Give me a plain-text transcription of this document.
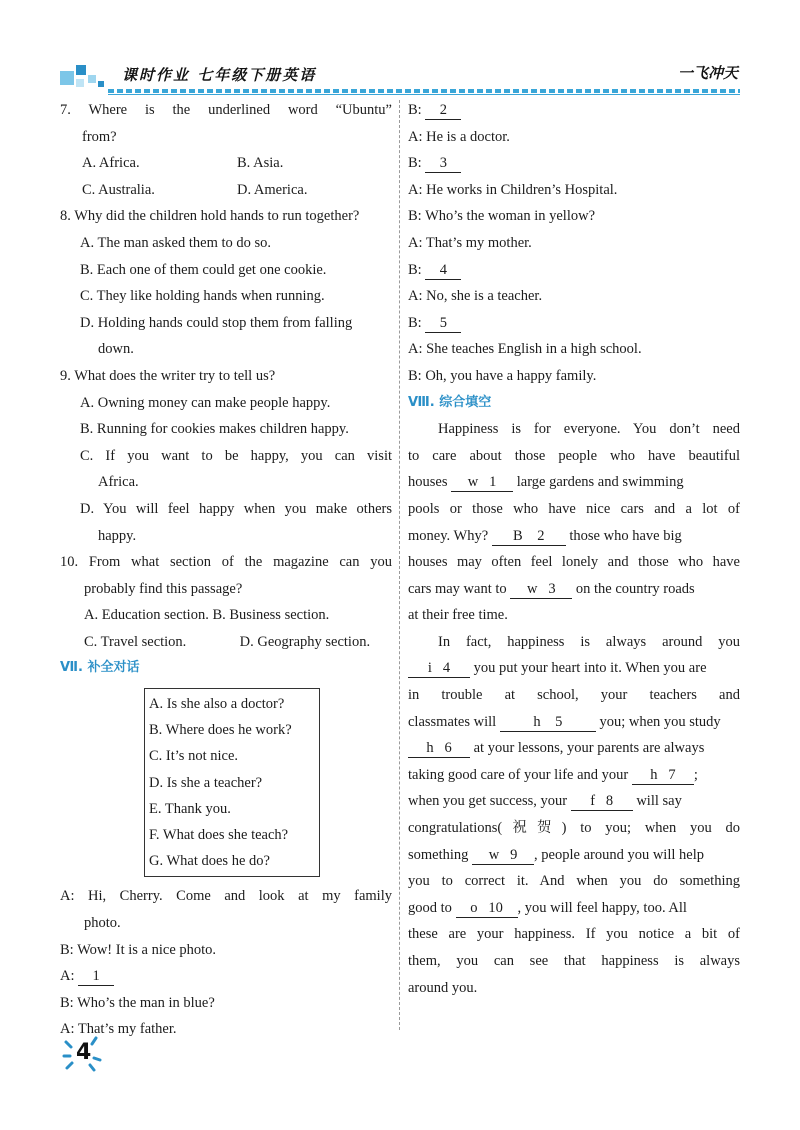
课时作业 七年级下册英语	一飞冲天
7. Where is the underlined word “Ubuntu”
from?
A. Africa.	B. Asia.
C. Australia.	D. America.
8. Why did the children hold hands to run together?
A. The man asked them to do so.
B. Each one of them could get one cookie.
C. They like holding hands when running.
D. Holding hands could stop them from falling
down.
9. What does the writer try to tell us?
A. Owning money can make people happy.
B. Running for cookies makes children happy.
C. If you want to be happy, you can visit
Africa.
D. You will feel happy when you make others
happy.
10. From what section of the magazine can you
probably find this passage?
A. Education section. B. Business section.
C. Travel section.	D. Geography section.
Ⅶ. 补全对话
A. Is she also a doctor?
B. Where does he work?
C. It’s not nice.
D. Is she a teacher?
E. Thank you.
F. What does she teach?
G. What does he do?
A: Hi, Cherry. Come and look at my family
photo.
B: Wow! It is a nice photo.
A: 1
B: Who’s the man in blue?
A: That’s my father.
B: 2
A: He is a doctor.
B: 3
A: He works in Children’s Hospital.
B: Who’s the woman in yellow?
A: That’s my mother.
B: 4
A: No, she is a teacher.
B: 5
A: She teaches English in a high school.
B: Oh, you have a happy family.
Ⅷ. 综合填空
Happiness is for everyone. You don’t need
to care about those people who have beautiful
houses w 1 large gardens and swimming
pools or those who have nice cars and a lot of
money. Why? B 2 those who have big
houses may often feel lonely and those who have
cars may want to w 3 on the country roads
at their free time.
In fact, happiness is always around you
i 4 you put your heart into it. When you are
in trouble at school, your teachers and
classmates will h 5 you; when you study
h 6 at your lessons, your parents are always
taking good care of your life and your h 7 ;
when you get success, your f 8 will say
congratulations(祝贺) to you; when you do
something w 9 , people around you will help
you to correct it. And when you do something
good to o 10 , you will feel happy, too. All
these are your happiness. If you notice a bit of
them, you can see that happiness is always
around you.
4
